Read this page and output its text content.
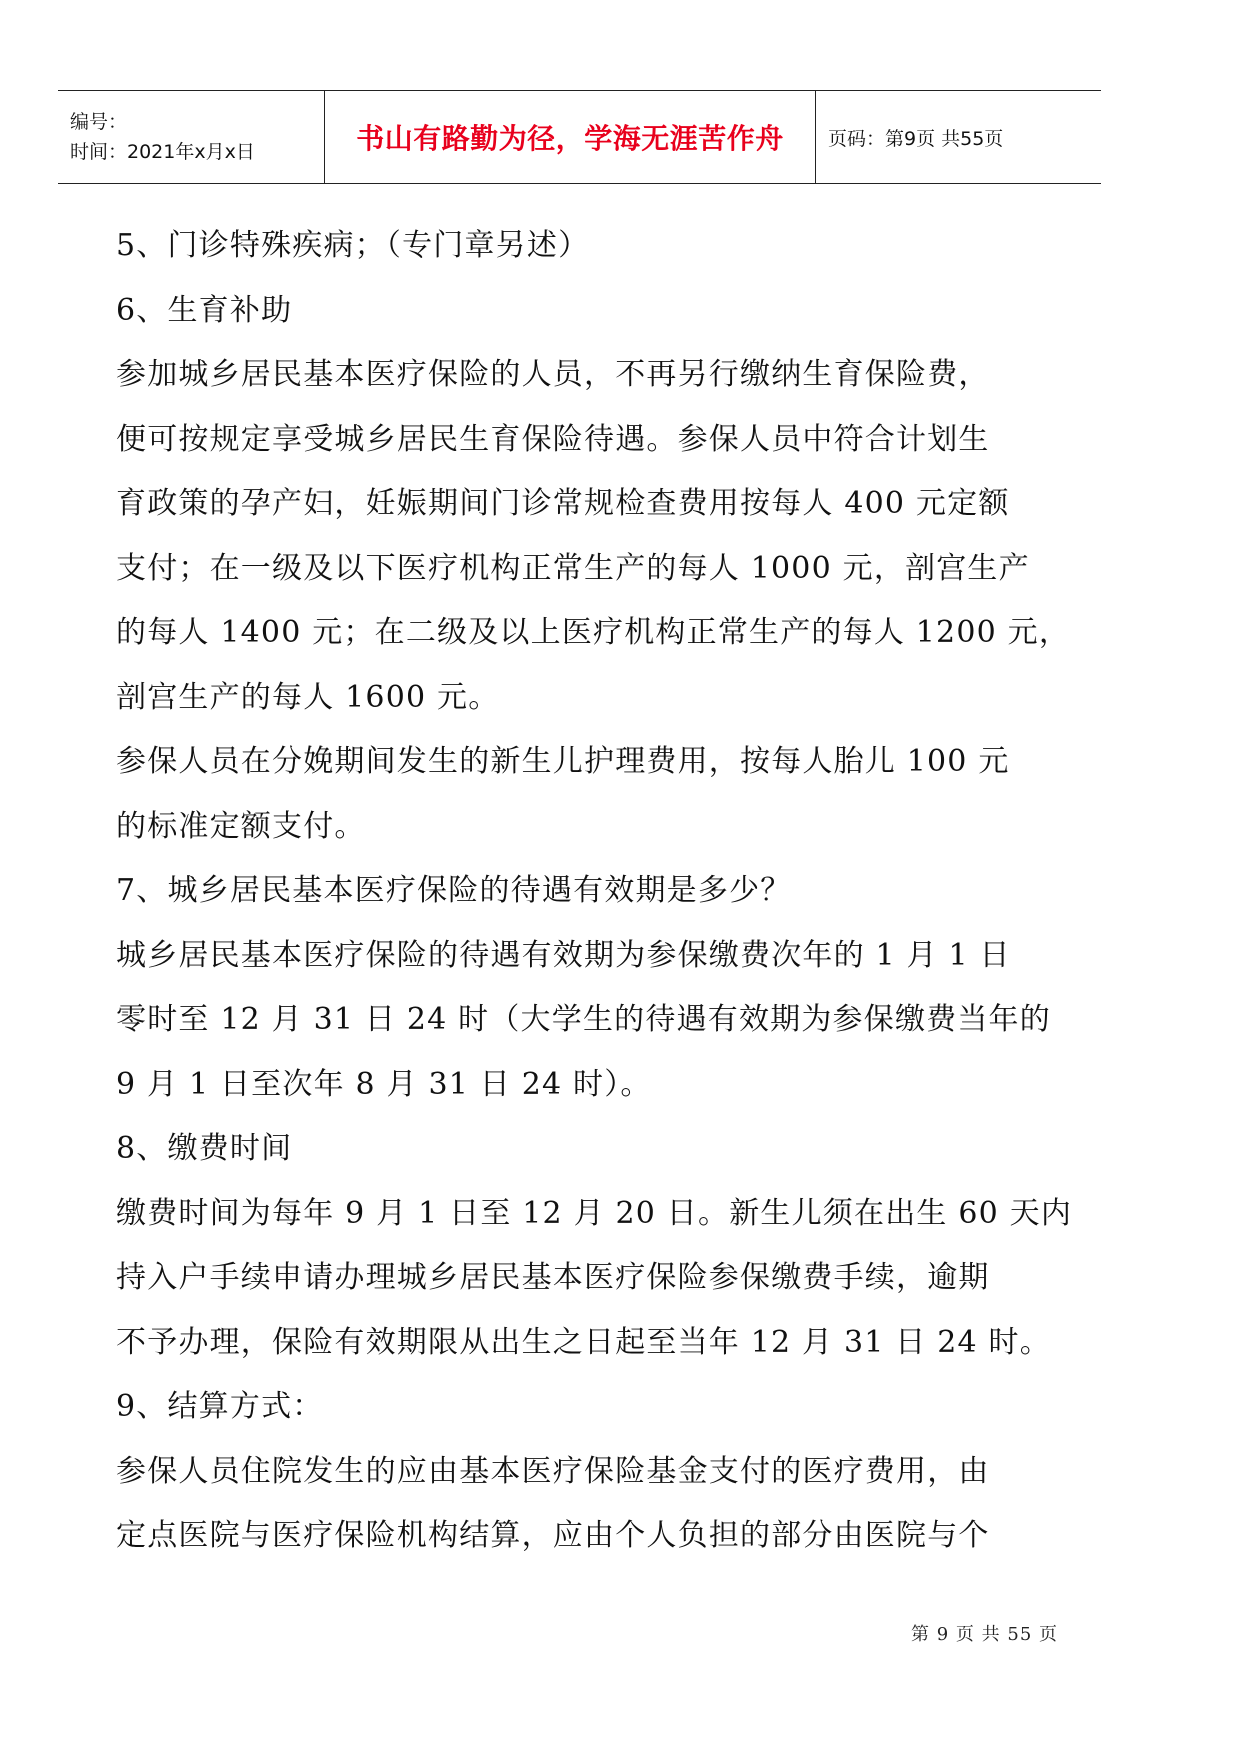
编号：
时间：2021年x月x日	书山有路勤为径，学海无涯苦作舟 页码：第9页 共55页
5、门诊特殊疾病；（专门章另述）
6、生育补助
参加城乡居民基本医疗保险的人员，不再另行缴纳生育保险费，
便可按规定享受城乡居民生育保险待遇。参保人员中符合计划生
育政策的孕产妇，妊娠期间门诊常规检查费用按每人 400 元定额
支付；在一级及以下医疗机构正常生产的每人 1000 元，剖宫生产
的每人 1400 元；在二级及以上医疗机构正常生产的每人 1200 元，
剖宫生产的每人 1600 元。
参保人员在分娩期间发生的新生儿护理费用，按每人胎儿 100 元
的标准定额支付。
7、城乡居民基本医疗保险的待遇有效期是多少？
城乡居民基本医疗保险的待遇有效期为参保缴费次年的 1 月 1 日
零时至 12 月 31 日 24 时（大学生的待遇有效期为参保缴费当年的
9 月 1 日至次年 8 月 31 日 24 时）。
8、缴费时间
缴费时间为每年 9 月 1 日至 12 月 20 日。新生儿须在出生 60 天内
持入户手续申请办理城乡居民基本医疗保险参保缴费手续，逾期
不予办理，保险有效期限从出生之日起至当年 12 月 31 日 24 时。
9、结算方式：
参保人员住院发生的应由基本医疗保险基金支付的医疗费用，由
定点医院与医疗保险机构结算，应由个人负担的部分由医院与个
第 9 页 共 55 页
